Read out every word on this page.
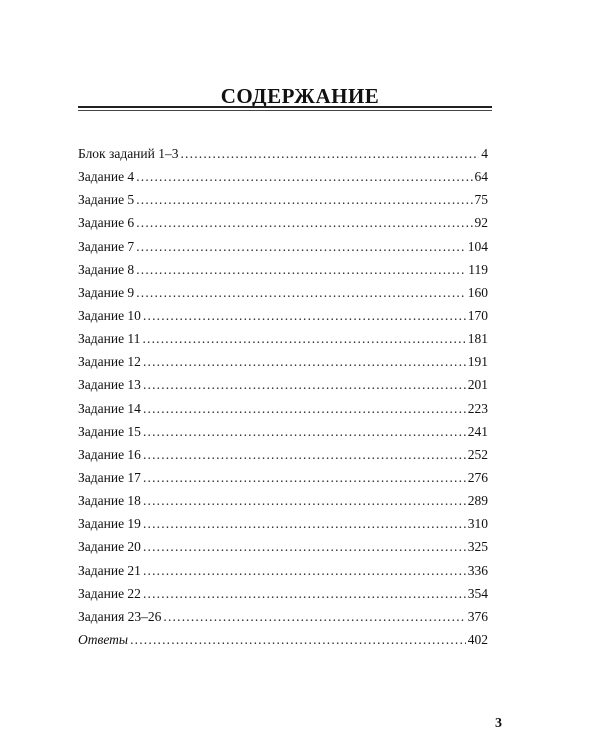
СОДЕРЖАНИЕ
Блок заданий 1–3 .....	4
Задание 4 .....	64
Задание 5 .....	75
Задание 6 .....	92
Задание 7 .....	104
Задание 8 .....	119
Задание 9 .....	160
Задание 10 .....	170
Задание 11 .....	181
Задание 12 .....	191
Задание 13 .....	201
Задание 14 .....	223
Задание 15 .....	241
Задание 16 .....	252
Задание 17 .....	276
Задание 18 .....	289
Задание 19 .....	310
Задание 20 .....	325
Задание 21 .....	336
Задание 22 .....	354
Задания 23–26 .....	376
Ответы .....	402
3
